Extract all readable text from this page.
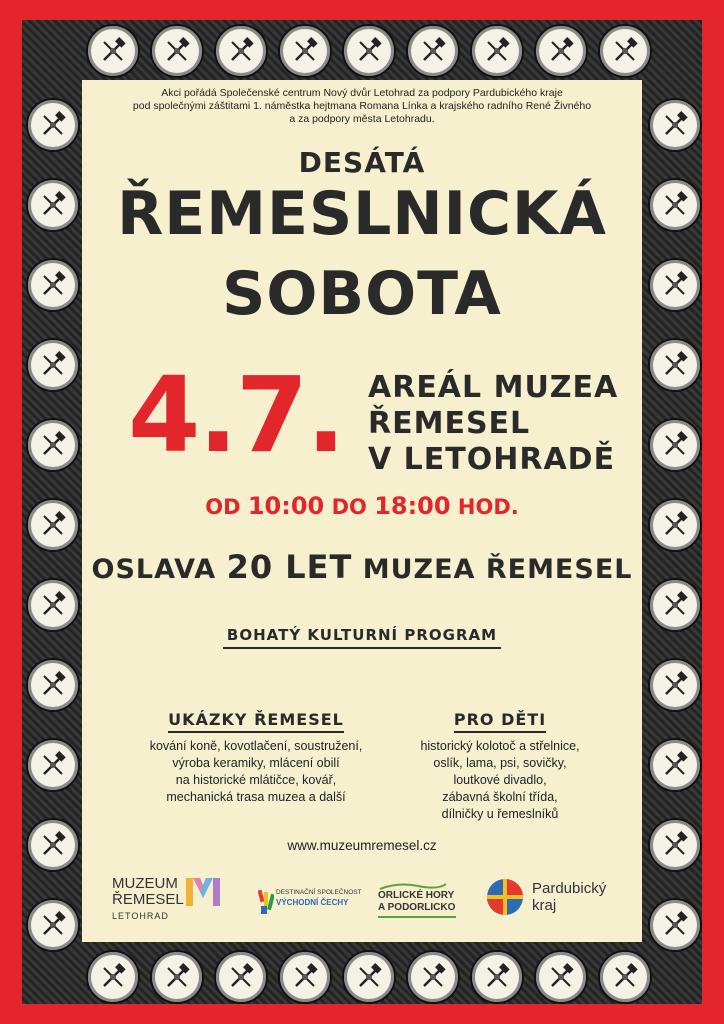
Akci pořádá Společenské centrum Nový dvůr Letohrad za podpory Pardubického kraje
pod společnými záštitami 1. náměstka hejtmana Romana Línka a krajského radního René Živného
a za podpory města Letohradu.
DESÁTÁ
ŘEMESLNICKÁ
SOBOTA
4.7. AREÁL MUZEA
ŘEMESEL
V LETOHRADĚ
OD 10:00 DO 18:00 HOD.
OSLAVA 20 LET MUZEA ŘEMESEL
BOHATÝ KULTURNÍ PROGRAM
UKÁZKY ŘEMESEL
kování koně, kovotlačení, soustružení,
výroba keramiky, mlácení obilí
na historické mlátičce, kovář,
mechanická trasa muzea a další
PRO DĚTI
historický kolotoč a střelnice,
oslík, lama, psi, sovičky,
loutkové divadlo,
zábavná školní třída,
dílničky u řemeslníků
www.muzeumremesel.cz
MUZEUM
ŘEMESEL
LETOHRAD
DESTINAČNÍ SPOLEČNOST
VÝCHODNÍ ČECHY
ORLICKÉ HORY
A PODORLICKO
Pardubický
kraj
